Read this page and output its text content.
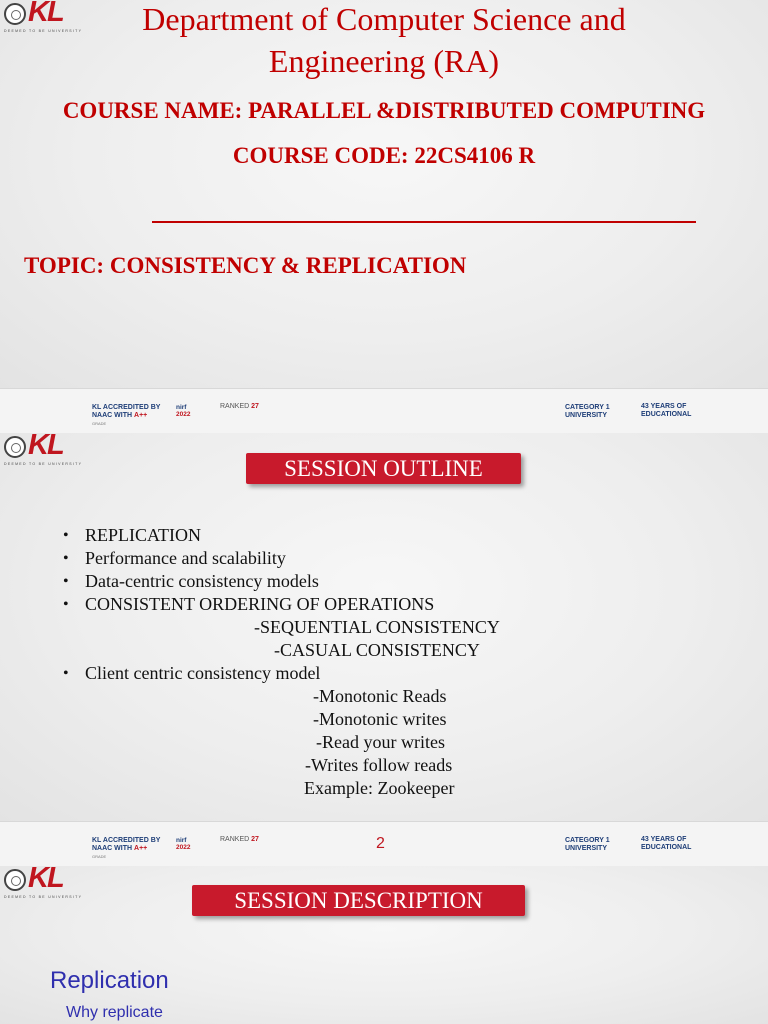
KL
DEEMED TO BE UNIVERSITY	Department of Computer Science and
Engineering (RA)
COURSE NAME: PARALLEL &DISTRIBUTED COMPUTING
COURSE CODE: 22CS4106 R
TOPIC: CONSISTENCY & REPLICATION
KL ACCREDITED BY
NAAC WITH A++
GRADE
nirf
2022
RANKED 27	CATEGORY 1
UNIVERSITY
43 YEARS OF
EDUCATIONAL
KL
DEEMED TO BE UNIVERSITY	SESSION OUTLINE
• REPLICATION
• Performance and scalability
• Data-centric consistency models
• CONSISTENT ORDERING OF OPERATIONS
-SEQUENTIAL CONSISTENCY
-CASUAL CONSISTENCY
• Client centric consistency model
-Monotonic Reads
-Monotonic writes
-Read your writes
-Writes follow reads
Example: Zookeeper
KL ACCREDITED BY
NAAC WITH A++
GRADE
nirf
2022
RANKED 27	2	CATEGORY 1
UNIVERSITY
43 YEARS OF
EDUCATIONAL
KL
DEEMED TO BE UNIVERSITY	SESSION DESCRIPTION
Replication
Why replicate
